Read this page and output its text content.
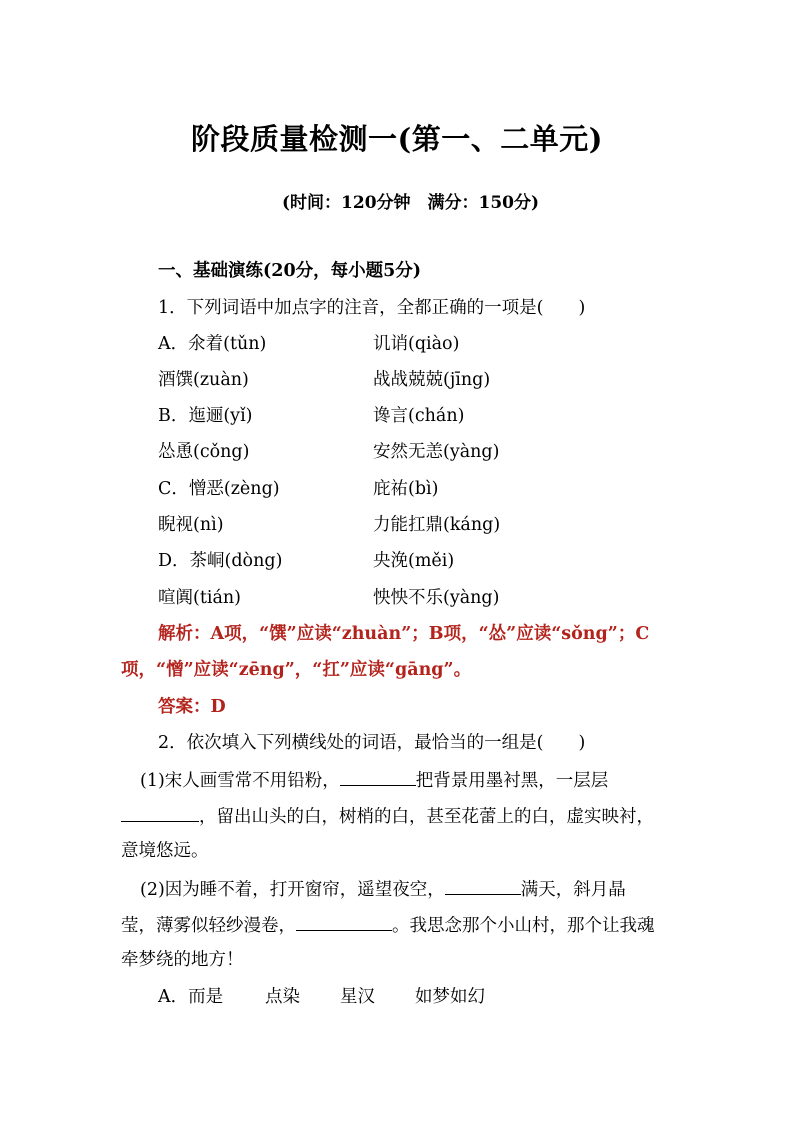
阶段质量检测一(第一、二单元)
(时间：120分钟　满分：150分)
一、基础演练(20分，每小题5分)
1．下列词语中加点字的注音，全都正确的一项是(　　)
A．氽着(tǔn)	讥诮(qiào)
酒馔(zuàn)	战战兢兢(jīng)
B．迤逦(yǐ)	谗言(chán)
怂恿(cǒng)	安然无恙(yàng)
C．憎恶(zèng)	庇祐(bì)
睨视(nì)	力能扛鼎(káng)
D．茶峒(dòng)	央浼(měi)
喧阗(tián)	怏怏不乐(yàng)
解析：A项，“馔”应读“zhuàn”；B项，“怂”应读“sǒng”；C
项，“憎”应读“zēng”，“扛”应读“gāng”。
答案：D
2．依次填入下列横线处的词语，最恰当的一组是(　　)
(1)宋人画雪常不用铅粉，	把背景用墨衬黑，一层层
，留出山头的白，树梢的白，甚至花蕾上的白，虚实映衬，
意境悠远。
(2)因为睡不着，打开窗帘，遥望夜空，	满天，斜月晶
莹，薄雾似轻纱漫卷，	。我思念那个小山村，那个让我魂
牵梦绕的地方！
A．而是 点染 星汉 如梦如幻
